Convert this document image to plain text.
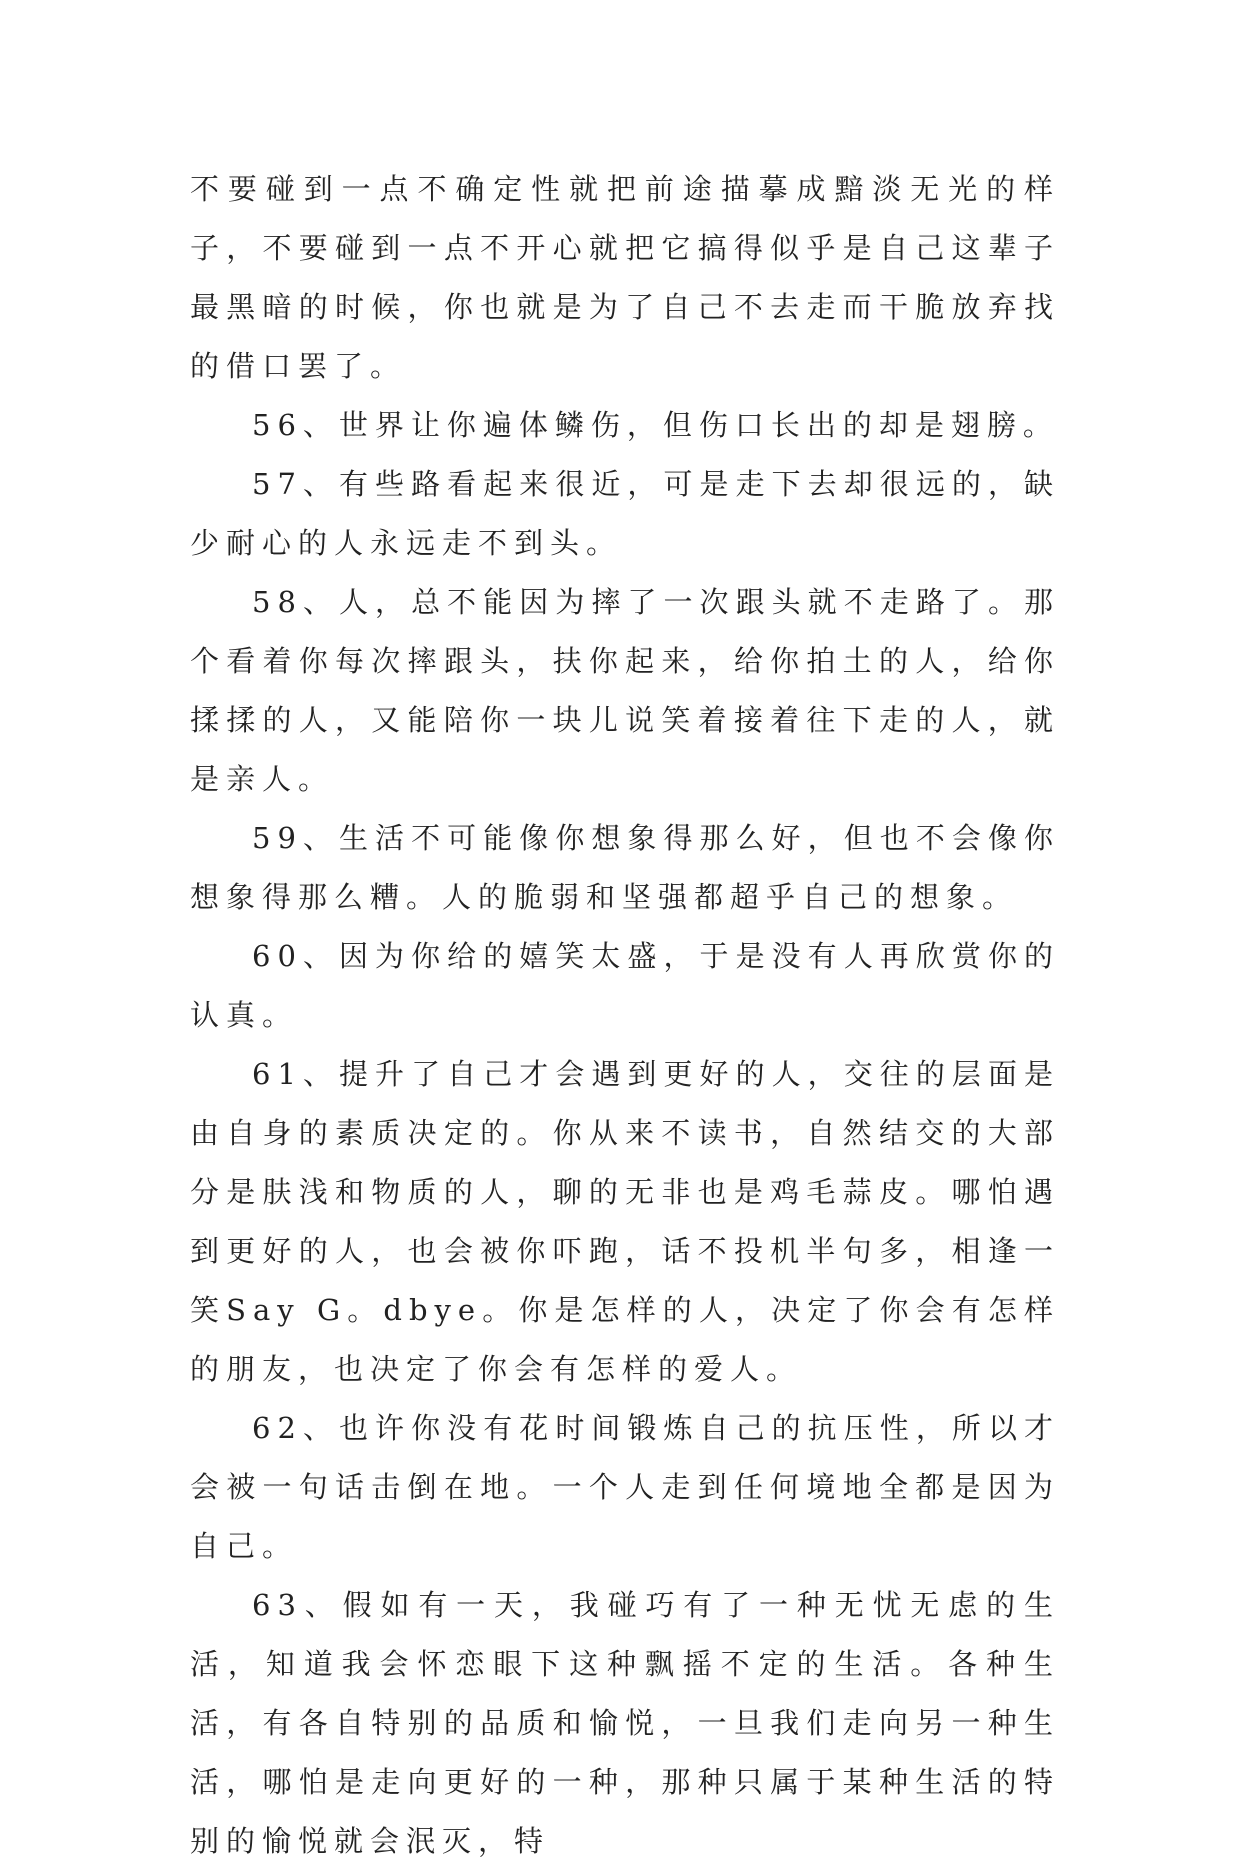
不要碰到一点不确定性就把前途描摹成黯淡无光的样子，不要碰到一点不开心就把它搞得似乎是自己这辈子最黑暗的时候，你也就是为了自己不去走而干脆放弃找的借口罢了。

56、世界让你遍体鳞伤，但伤口长出的却是翅膀。

57、有些路看起来很近，可是走下去却很远的，缺少耐心的人永远走不到头。

58、人，总不能因为摔了一次跟头就不走路了。那个看着你每次摔跟头，扶你起来，给你拍土的人，给你揉揉的人，又能陪你一块儿说笑着接着往下走的人，就是亲人。

59、生活不可能像你想象得那么好，但也不会像你想象得那么糟。人的脆弱和坚强都超乎自己的想象。

60、因为你给的嬉笑太盛，于是没有人再欣赏你的认真。

61、提升了自己才会遇到更好的人，交往的层面是由自身的素质决定的。你从来不读书，自然结交的大部分是肤浅和物质的人，聊的无非也是鸡毛蒜皮。哪怕遇到更好的人，也会被你吓跑，话不投机半句多，相逢一笑Say G。dbye。你是怎样的人，决定了你会有怎样的朋友，也决定了你会有怎样的爱人。

62、也许你没有花时间锻炼自己的抗压性，所以才会被一句话击倒在地。一个人走到任何境地全都是因为自己。

63、假如有一天，我碰巧有了一种无忧无虑的生活，知道我会怀恋眼下这种飘摇不定的生活。各种生活，有各自特别的品质和愉悦，一旦我们走向另一种生活，哪怕是走向更好的一种，那种只属于某种生活的特别的愉悦就会泯灭，特
